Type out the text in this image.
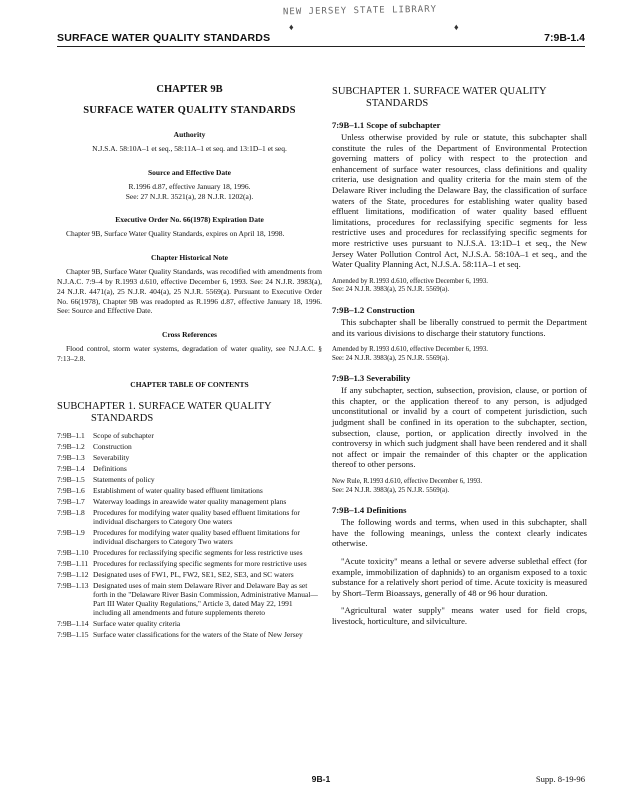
NEW JERSEY STATE LIBRARY
♦	♦
SURFACE WATER QUALITY STANDARDS	7:9B-1.4
CHAPTER 9B
SURFACE WATER QUALITY STANDARDS
Authority

N.J.S.A. 58:10A–1 et seq., 58:11A–1 et seq. and 13:1D–1 et seq.

Source and Effective Date

R.1996 d.87, effective January 18, 1996.

See: 27 N.J.R. 3521(a), 28 N.J.R. 1202(a).

Executive Order No. 66(1978) Expiration Date

Chapter 9B, Surface Water Quality Standards, expires on April 18, 1998.

Chapter Historical Note

Chapter 9B, Surface Water Quality Standards, was recodified with amendments from N.J.A.C. 7:9–4 by R.1993 d.610, effective December 6, 1993. See: 24 N.J.R. 3983(a), 24 N.J.R. 4471(a), 25 N.J.R. 404(a), 25 N.J.R. 5569(a). Pursuant to Executive Order No. 66(1978), Chapter 9B was readopted as R.1996 d.87, effective January 18, 1996. See: Source and Effective Date.

Cross References

Flood control, storm water systems, degradation of water quality, see N.J.A.C. § 7:13–2.8.

CHAPTER TABLE OF CONTENTS
SUBCHAPTER 1. SURFACE WATER QUALITY
STANDARDS
7:9B–1.1	Scope of subchapter
7:9B–1.2	Construction
7:9B–1.3	Severability
7:9B–1.4	Definitions
7:9B–1.5	Statements of policy
7:9B–1.6	Establishment of water quality based effluent limitations
7:9B–1.7	Waterway loadings in areawide water quality management plans
7:9B–1.8	Procedures for modifying water quality based effluent limitations for individual dischargers to Category One waters
7:9B–1.9	Procedures for modifying water quality based effluent limitations for individual dischargers to Category Two waters
7:9B–1.10 Procedures for reclassifying specific segments for less restrictive uses
7:9B–1.11 Procedures for reclassifying specific segments for more restrictive uses
7:9B–1.12 Designated uses of FW1, PL, FW2, SE1, SE2, SE3, and SC waters
7:9B–1.13 Designated uses of main stem Delaware River and Delaware Bay as set forth in the "Delaware River Basin Commission, Administrative Manual—Part III Water Quality Regulations," Article 3, dated May 22, 1991 including all amendments and future supplements thereto
7:9B–1.14 Surface water quality criteria
7:9B–1.15 Surface water classifications for the waters of the State of New Jersey
SUBCHAPTER 1. SURFACE WATER QUALITY
STANDARDS
7:9B–1.1 Scope of subchapter

Unless otherwise provided by rule or statute, this subchapter shall constitute the rules of the Department of Environmental Protection governing matters of policy with respect to the protection and enhancement of surface water resources, class definitions and quality criteria, use designation and quality criteria for the main stem of the Delaware River including the Delaware Bay, the classification of surface waters of the State, procedures for establishing water quality based effluent limitations, modification of water quality based effluent limitations, procedures for reclassifying specific segments for less restrictive uses and procedures for reclassifying specific segments for more restrictive uses pursuant to N.J.S.A. 13:1D–1 et seq., the New Jersey Water Pollution Control Act, N.J.S.A. 58:10A–1 et seq., and the Water Quality Planning Act, N.J.S.A. 58:11A–1 et seq.

Amended by R.1993 d.610, effective December 6, 1993.
See: 24 N.J.R. 3983(a), 25 N.J.R. 5569(a).

7:9B–1.2 Construction

This subchapter shall be liberally construed to permit the Department and its various divisions to discharge their statutory functions.

Amended by R.1993 d.610, effective December 6, 1993.
See: 24 N.J.R. 3983(a), 25 N.J.R. 5569(a).

7:9B–1.3 Severability

If any subchapter, section, subsection, provision, clause, or portion of this chapter, or the application thereof to any person, is adjudged unconstitutional or invalid by a court of competent jurisdiction, such judgment shall be confined in its operation to the subchapter, section, subsection, clause, portion, or application directly involved in the controversy in which such judgment shall have been rendered and it shall not affect or impair the remainder of this chapter or the application thereof to other persons.

New Rule, R.1993 d.610, effective December 6, 1993.
See: 24 N.J.R. 3983(a), 25 N.J.R. 5569(a).

7:9B–1.4 Definitions

The following words and terms, when used in this subchapter, shall have the following meanings, unless the context clearly indicates otherwise.

"Acute toxicity" means a lethal or severe adverse sublethal effect (for example, immobilization of daphnids) to an organism exposed to a toxic substance for a relatively short period of time. Acute toxicity is measured by Short–Term Bioassays, generally of 48 or 96 hour duration.

"Agricultural water supply" means water used for field crops, livestock, horticulture, and silviculture.

9B-1	Supp. 8-19-96
